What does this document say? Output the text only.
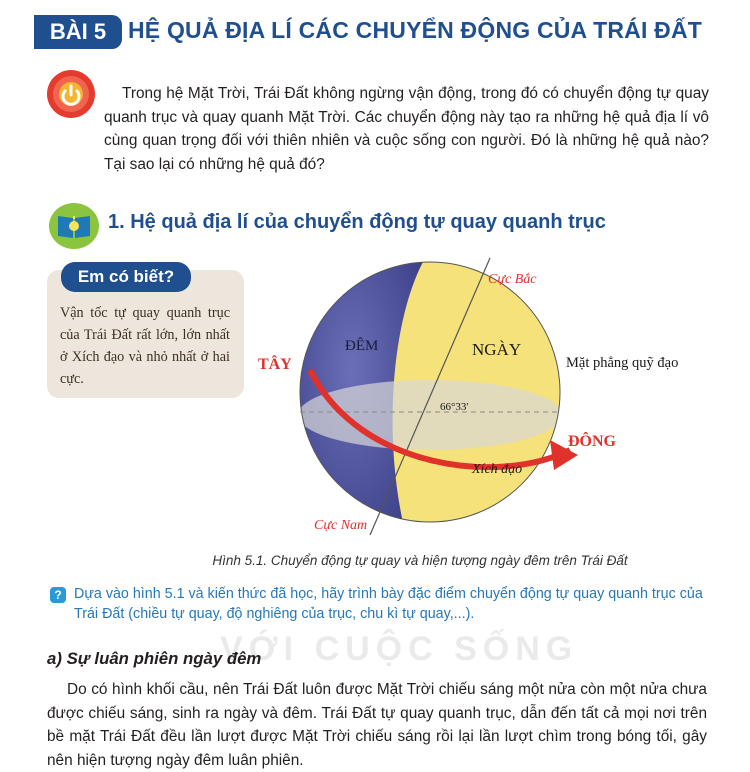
BÀI 5 HỆ QUẢ ĐỊA LÍ CÁC CHUYỂN ĐỘNG CỦA TRÁI ĐẤT
Trong hệ Mặt Trời, Trái Đất không ngừng vận động, trong đó có chuyển động tự quay quanh trục và quay quanh Mặt Trời. Các chuyển động này tạo ra những hệ quả địa lí vô cùng quan trọng đối với thiên nhiên và cuộc sống con người. Đó là những hệ quả nào? Tại sao lại có những hệ quả đó?
1. Hệ quả địa lí của chuyển động tự quay quanh trục
Em có biết?
Vận tốc tự quay quanh trục của Trái Đất rất lớn, lớn nhất ở Xích đạo và nhỏ nhất ở hai cực.
Cực Bắc
Cực Nam
ĐÊM	NGÀY
TÂY
ĐÔNG
Xích đạo
66°33'
Mặt phẳng quỹ đạo
Hình 5.1. Chuyển động tự quay và hiện tượng ngày đêm trên Trái Đất
? Dựa vào hình 5.1 và kiến thức đã học, hãy trình bày đặc điểm chuyển động tự quay quanh trục của Trái Đất (chiều tự quay, độ nghiêng của trục, chu kì tự quay,...).
VỚI CUỘC SỐNG
a) Sự luân phiên ngày đêm
Do có hình khối cầu, nên Trái Đất luôn được Mặt Trời chiếu sáng một nửa còn một nửa chưa được chiếu sáng, sinh ra ngày và đêm. Trái Đất tự quay quanh trục, dẫn đến tất cả mọi nơi trên bề mặt Trái Đất đều lần lượt được Mặt Trời chiếu sáng rồi lại lần lượt chìm trong bóng tối, gây nên hiện tượng ngày đêm luân phiên.
